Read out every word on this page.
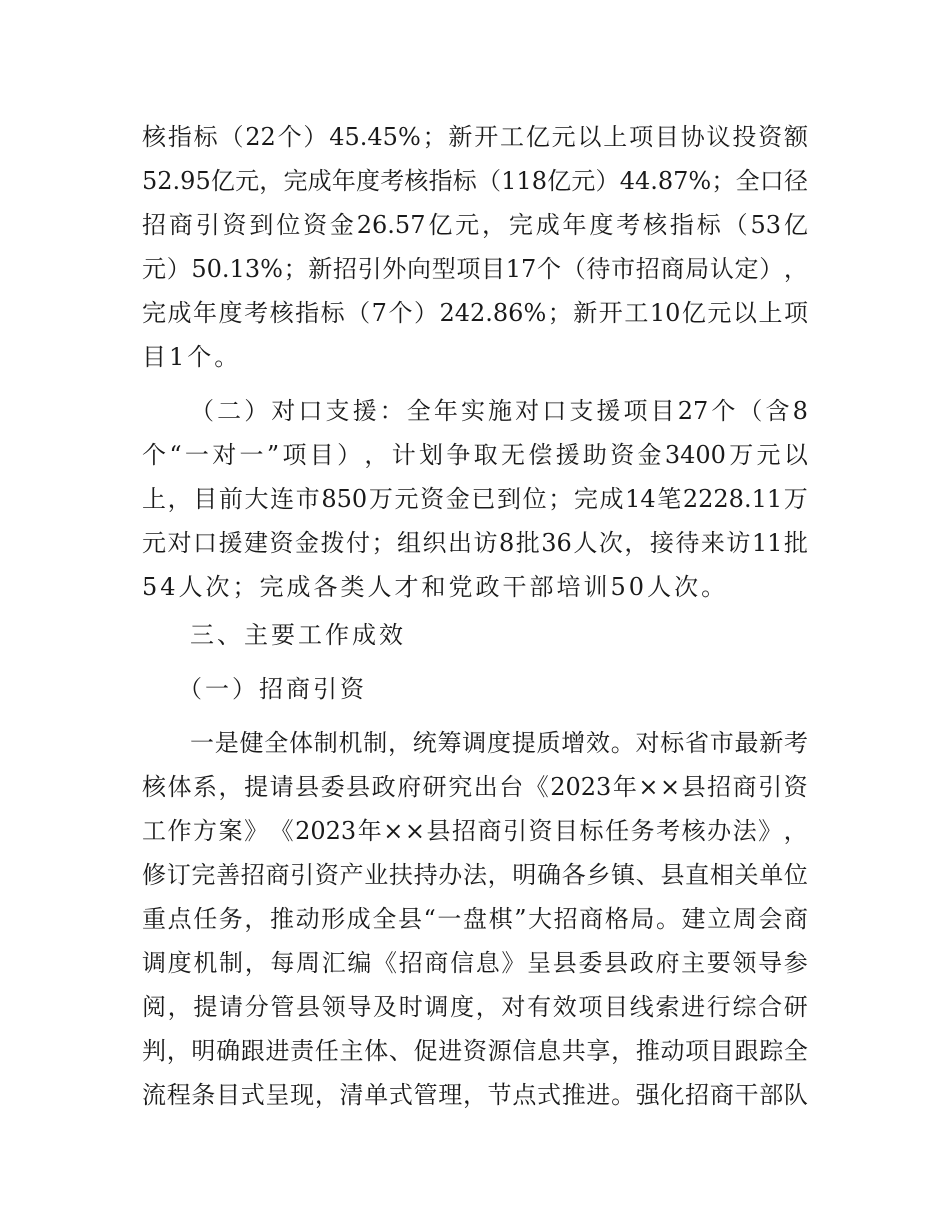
核 指 标 （ 22 个 ） 45.45% ； 新 开 工 亿 元 以 上 项 目 协 议 投 资 额
52.95 亿 元 ， 完 成 年 度 考 核 指 标 （ 118 亿 元 ） 44.87% ； 全 口 径
招 商 引 资 到 位 资 金 26.57 亿 元 ， 完 成 年 度 考 核 指 标 （ 53 亿
元 ） 50.13% ； 新 招 引 外 向 型 项 目 17 个 （ 待 市 招 商 局 认 定 ） ，
完 成 年 度 考 核 指 标 （ 7 个 ） 242.86% ； 新 开 工 10 亿 元 以 上 项
目1个。
（ 二 ） 对 口 支 援 ： 全 年 实 施 对 口 支 援 项 目 27 个 （ 含 8
个 “ 一 对 一 ” 项 目 ） ， 计 划 争 取 无 偿 援 助 资 金 3400 万 元 以
上 ， 目 前 大 连 市 850 万 元 资 金 已 到 位 ； 完 成 14 笔 2228.11 万
元 对 口 援 建 资 金 拨 付 ； 组 织 出 访 8 批 36 人 次 ， 接 待 来 访 11 批
54人次；完成各类人才和党政干部培训50人次。
三、主要工作成效
（一）招商引资
一 是 健 全 体 制 机 制 ， 统 筹 调 度 提 质 增 效 。 对 标 省 市 最 新 考
核 体 系 ， 提 请 县 委 县 政 府 研 究 出 台 《 2023 年 × × 县 招 商 引 资
工 作 方 案 》 《 2023 年 × × 县 招 商 引 资 目 标 任 务 考 核 办 法 》 ，
修 订 完 善 招 商 引 资 产 业 扶 持 办 法 ， 明 确 各 乡 镇 、 县 直 相 关 单 位
重 点 任 务 ， 推 动 形 成 全 县 “ 一 盘 棋 ” 大 招 商 格 局 。 建 立 周 会 商
调 度 机 制 ， 每 周 汇 编 《 招 商 信 息 》 呈 县 委 县 政 府 主 要 领 导 参
阅 ， 提 请 分 管 县 领 导 及 时 调 度 ， 对 有 效 项 目 线 索 进 行 综 合 研
判 ， 明 确 跟 进 责 任 主 体 、 促 进 资 源 信 息 共 享 ， 推 动 项 目 跟 踪 全
流 程 条 目 式 呈 现 ， 清 单 式 管 理 ， 节 点 式 推 进 。 强 化 招 商 干 部 队
